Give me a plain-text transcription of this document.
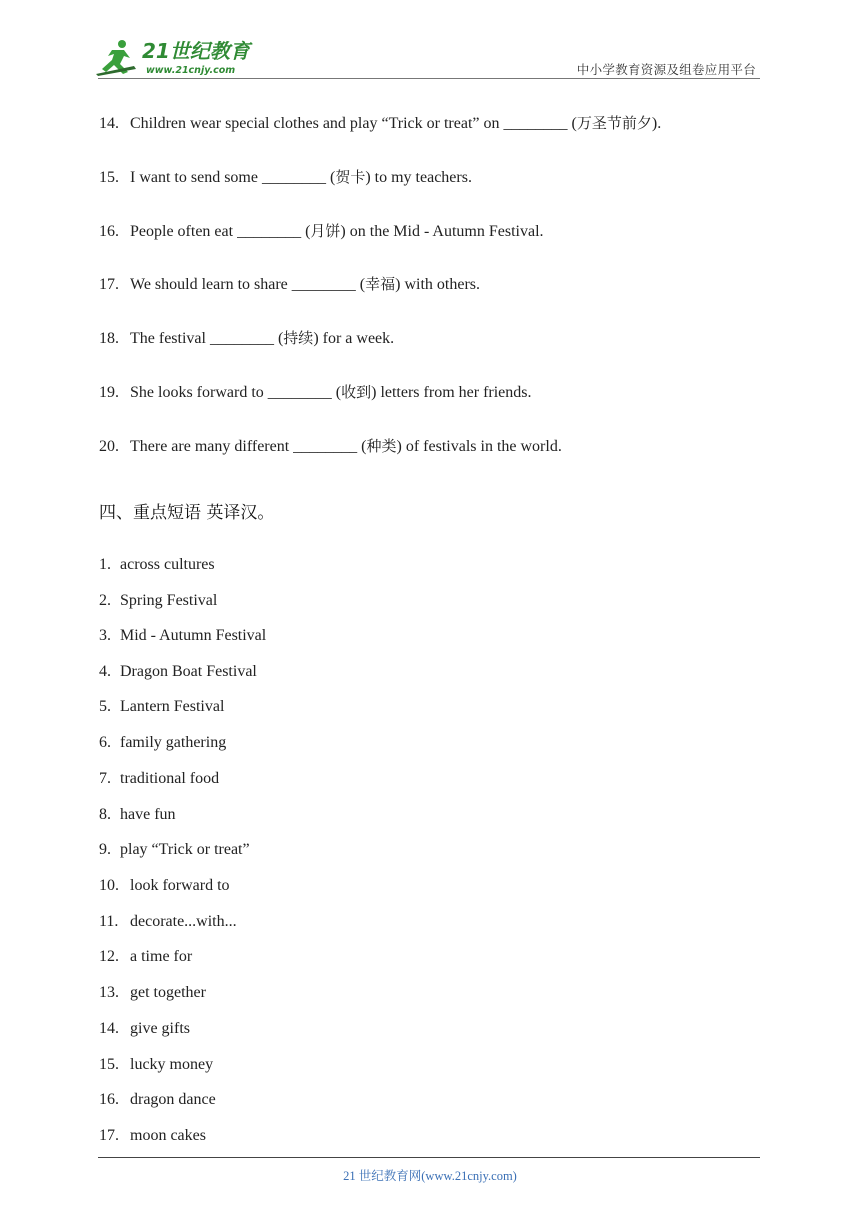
21世纪教育
www.21cnjy.com	中小学教育资源及组卷应用平台
14. Children wear special clothes and play “Trick or treat” on ________ (万圣节前夕).
15. I want to send some ________ (贺卡) to my teachers.
16. People often eat ________ (月饼) on the Mid - Autumn Festival.
17. We should learn to share ________ (幸福) with others.
18. The festival ________ (持续) for a week.
19. She looks forward to ________ (收到) letters from her friends.
20. There are many different ________ (种类) of festivals in the world.
四、重点短语 英译汉。
1. across cultures
2. Spring Festival
3. Mid - Autumn Festival
4. Dragon Boat Festival
5. Lantern Festival
6. family gathering
7. traditional food
8. have fun
9. play “Trick or treat”
10. look forward to
11. decorate...with...
12. a time for
13. get together
14. give gifts
15. lucky money
16. dragon dance
17. moon cakes
21 世纪教育网(www.21cnjy.com)
